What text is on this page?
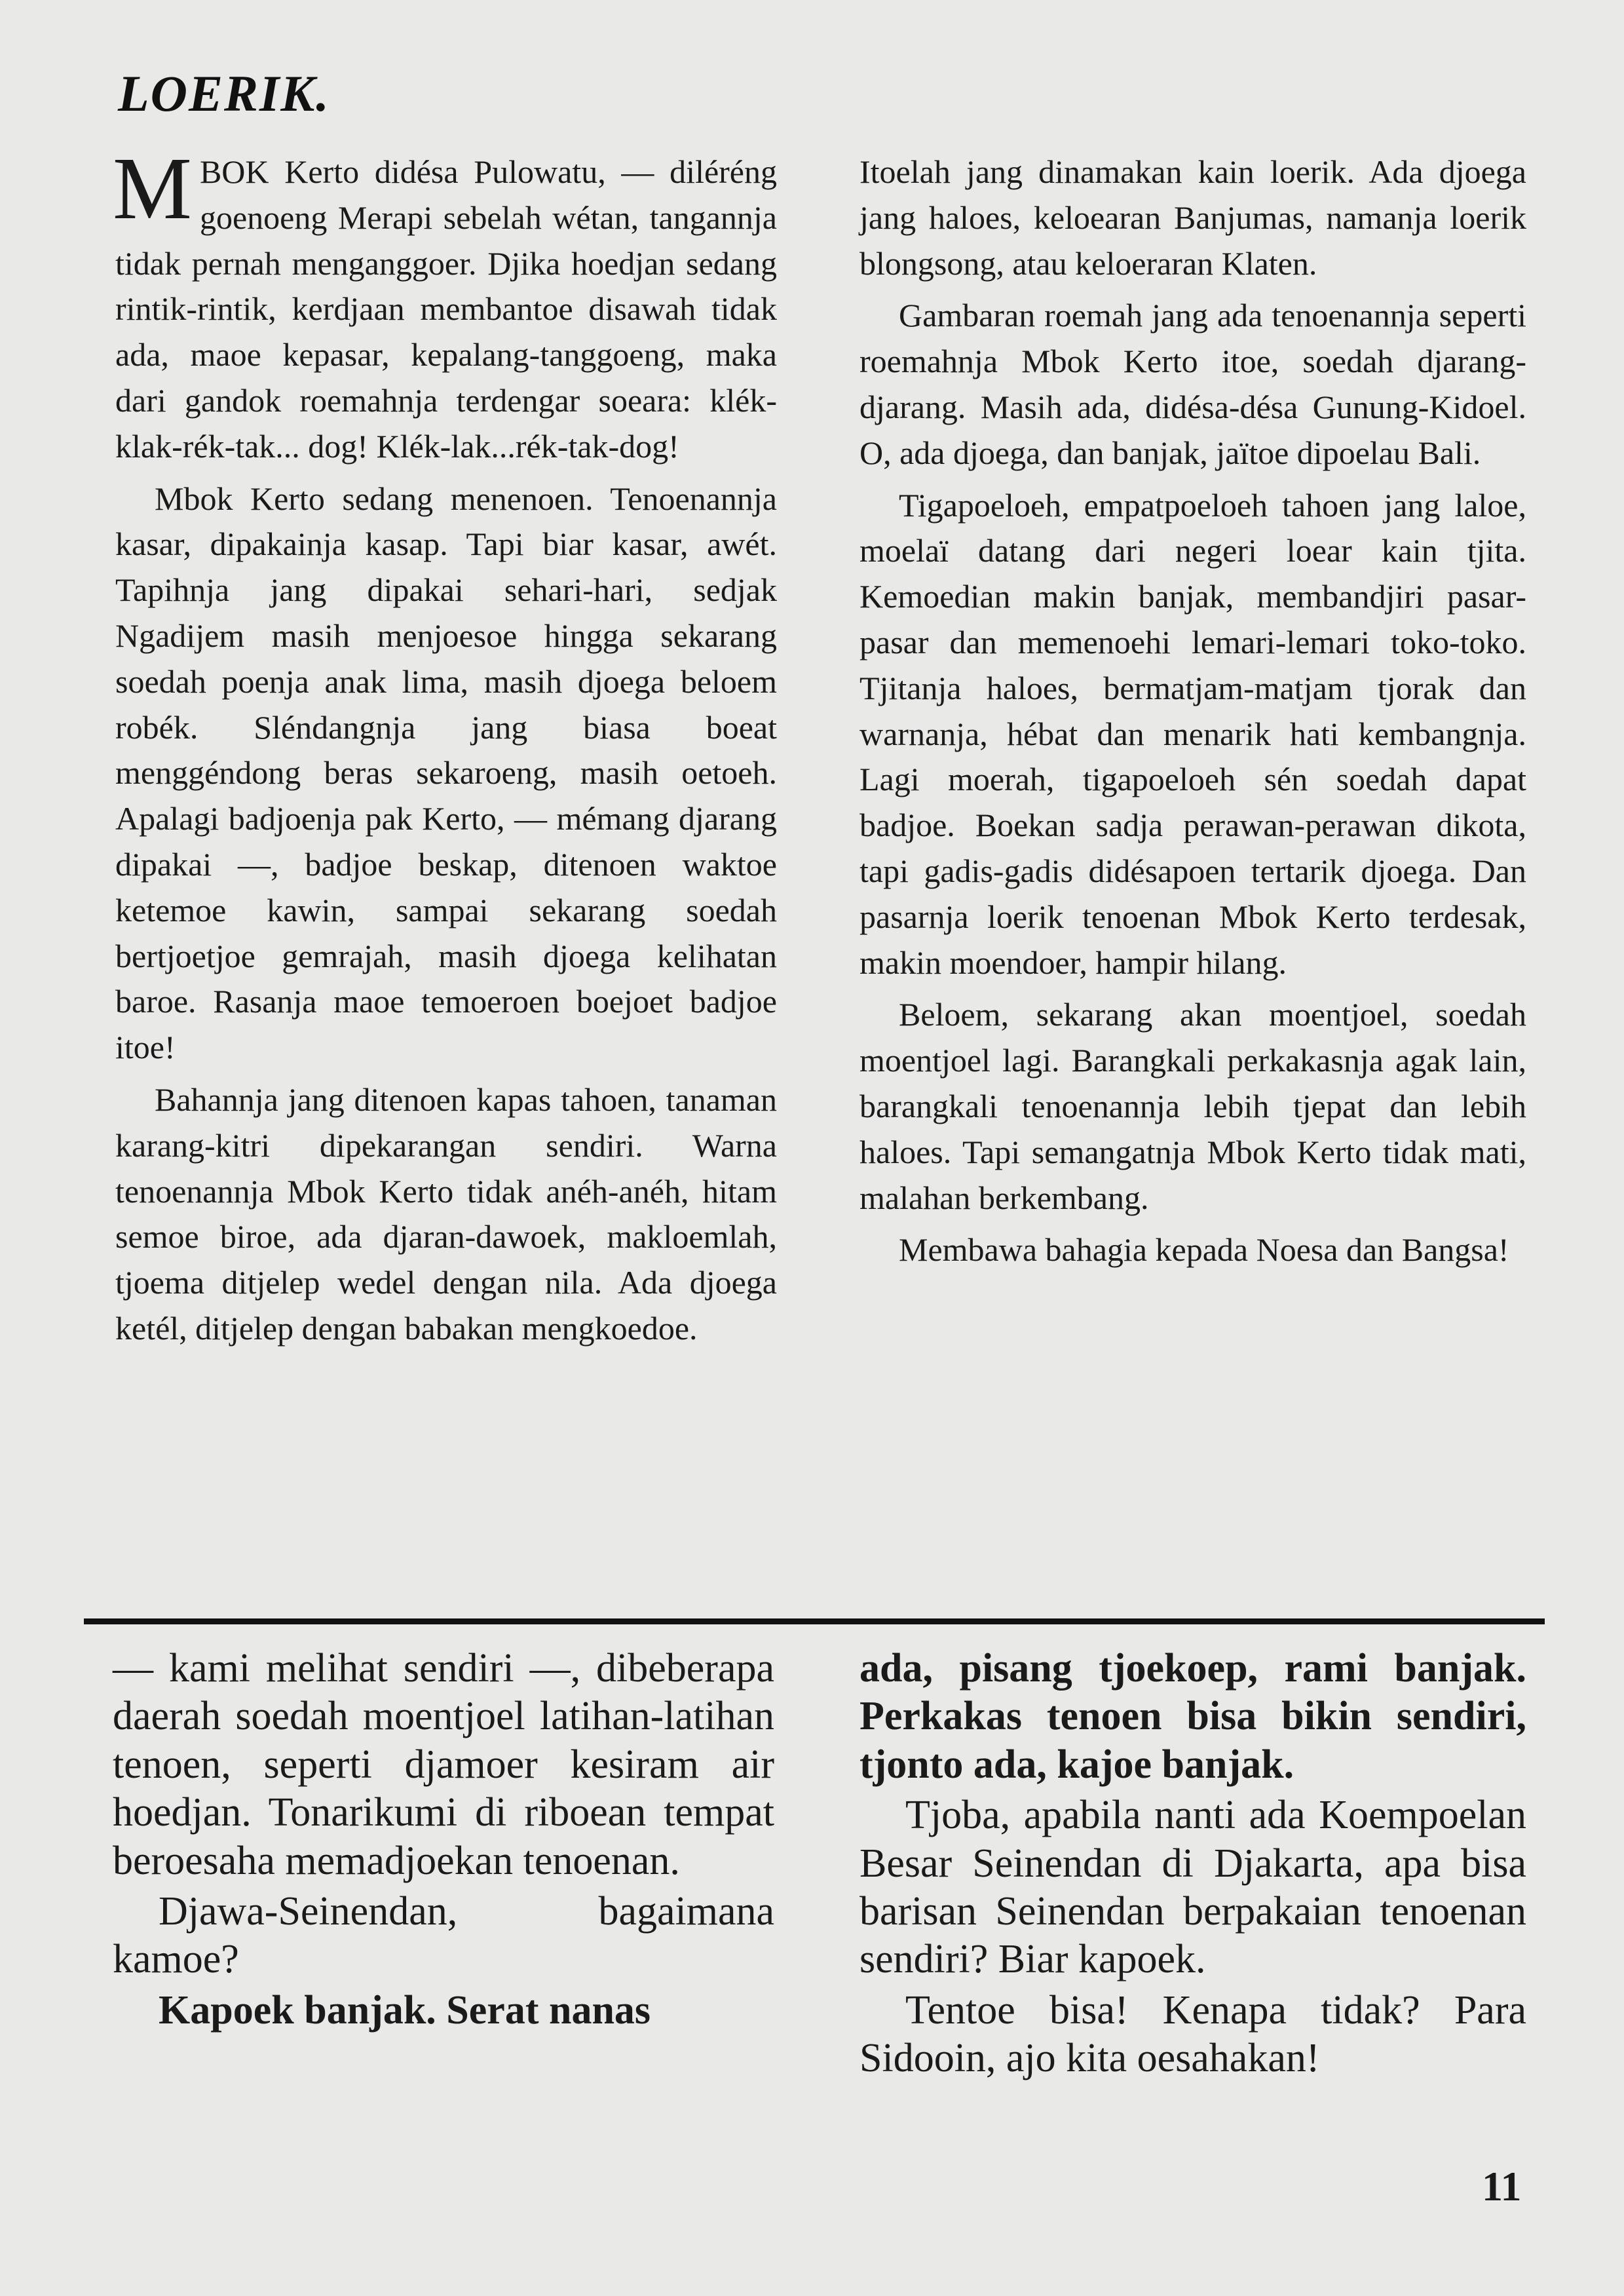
LOERIK.

MBOK Kerto didésa Pulowatu, — diléréng goenoeng Merapi sebelah wétan, tangannja tidak pernah menganggoer. Djika hoedjan sedang rintik-rintik, kerdjaan membantoe disawah tidak ada, maoe kepasar, kepalang-tanggoeng, maka dari gandok roemahnja terdengar soeara: klék-klak-rék-tak... dog! Klék-lak...rék-tak-dog!

Mbok Kerto sedang menenoen. Tenoenannja kasar, dipakainja kasap. Tapi biar kasar, awét. Tapihnja jang dipakai sehari-hari, sedjak Ngadijem masih menjoesoe hingga sekarang soedah poenja anak lima, masih djoega beloem robék. Sléndangnja jang biasa boeat menggéndong beras sekaroeng, masih oetoeh. Apalagi badjoenja pak Kerto, — mémang djarang dipakai —, badjoe beskap, ditenoen waktoe ketemoe kawin, sampai sekarang soedah bertjoetjoe gemrajah, masih djoega kelihatan baroe. Rasanja maoe temoeroen boejoet badjoe itoe!

Bahannja jang ditenoen kapas tahoen, tanaman karang-kitri dipekarangan sendiri. Warna tenoenannja Mbok Kerto tidak anéh-anéh, hitam semoe biroe, ada djaran-dawoek, makloemlah, tjoema ditjelep wedel dengan nila. Ada djoega ketél, ditjelep dengan babakan mengkoedoe.

Itoelah jang dinamakan kain loerik. Ada djoega jang haloes, keloearan Banjumas, namanja loerik blongsong, atau keloeraran Klaten.

Gambaran roemah jang ada tenoenannja seperti roemahnja Mbok Kerto itoe, soedah djarang-djarang. Masih ada, didésa-désa Gunung-Kidoel. O, ada djoega, dan banjak, jaïtoe dipoelau Bali.

Tigapoeloeh, empatpoeloeh tahoen jang laloe, moelaï datang dari negeri loear kain tjita. Kemoedian makin banjak, membandjiri pasar-pasar dan memenoehi lemari-lemari toko-toko. Tjitanja haloes, bermatjam-matjam tjorak dan warnanja, hébat dan menarik hati kembangnja. Lagi moerah, tigapoeloeh sén soedah dapat badjoe. Boekan sadja perawan-perawan dikota, tapi gadis-gadis didésapoen tertarik djoega. Dan pasarnja loerik tenoenan Mbok Kerto terdesak, makin moendoer, hampir hilang.

Beloem, sekarang akan moentjoel, soedah moentjoel lagi. Barangkali perkakasnja agak lain, barangkali tenoenannja lebih tjepat dan lebih haloes. Tapi semangatnja Mbok Kerto tidak mati, malahan berkembang.

Membawa bahagia kepada Noesa dan Bangsa!

— kami melihat sendiri —, dibeberapa daerah soedah moentjoel latihan-latihan tenoen, seperti djamoer kesiram air hoedjan. Tonarikumi di riboean tempat beroesaha memadjoekan tenoenan.

Djawa-Seinendan, bagaimana kamoe?

Kapoek banjak. Serat nanas

ada, pisang tjoekoep, rami banjak. Perkakas tenoen bisa bikin sendiri, tjonto ada, kajoe banjak.

Tjoba, apabila nanti ada Koempoelan Besar Seinendan di Djakarta, apa bisa barisan Seinendan berpakaian tenoenan sendiri? Biar kapoek.

Tentoe bisa! Kenapa tidak? Para Sidooin, ajo kita oesahakan!

11
